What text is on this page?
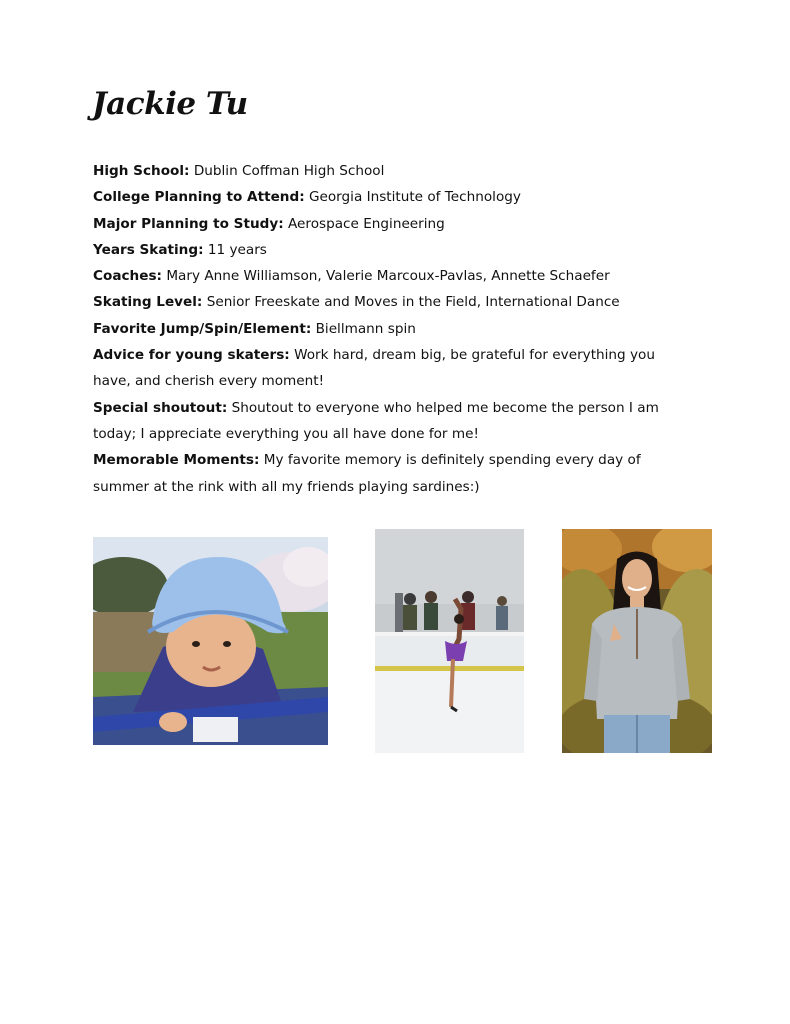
Jackie Tu

High School: Dublin Coffman High School

College Planning to Attend: Georgia Institute of Technology

Major Planning to Study: Aerospace Engineering

Years Skating: 11 years

Coaches: Mary Anne Williamson, Valerie Marcoux-Pavlas, Annette Schaefer

Skating Level: Senior Freeskate and Moves in the Field, International Dance

Favorite Jump/Spin/Element: Biellmann spin

Advice for young skaters: Work hard, dream big, be grateful for everything you have, and cherish every moment!

Special shoutout: Shoutout to everyone who helped me become the person I am today; I appreciate everything you all have done for me!

Memorable Moments: My favorite memory is definitely spending every day of summer at the rink with all my friends playing sardines:)
